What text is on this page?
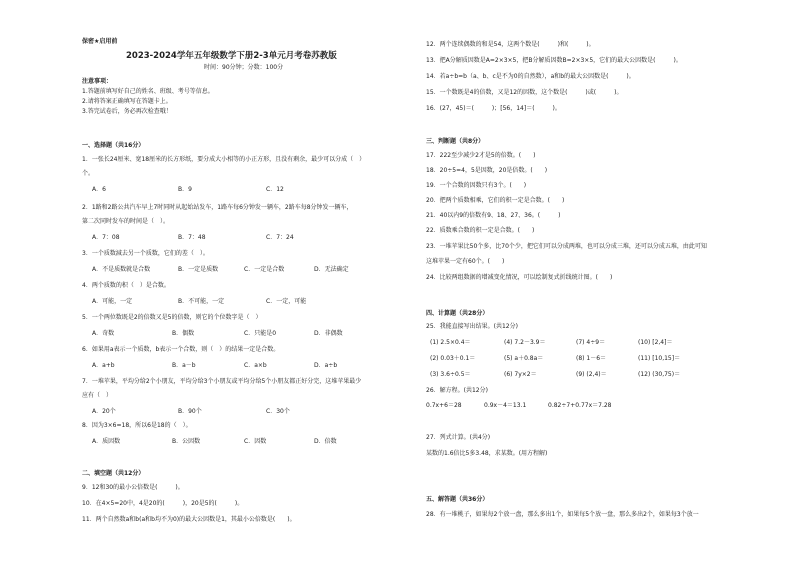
保密★启用前
2023-2024学年五年级数学下册2-3单元月考卷苏教版
时间：90分钟；分数：100分
注意事项：
1.答题前填写好自己的姓名、班级、考号等信息。
2.请将答案正确填写在答题卡上。
3.答完试卷后，务必再次检查哦！
一、选择题（共16分）
1．一张长24厘米、宽18厘米的长方形纸，要分成大小相等的小正方形，且没有剩余，最少可以分成（　）
个。
A．6	B．9	C．12
2．1路和2路公共汽车早上7时同时从起始站发车，1路车每6分钟发一辆车，2路车每8分钟发一辆车，
第二次同时发车的时间是（　）。
A．7：08	B．7：48	C．7：24
3．一个质数減去另一个质数，它们的差（　）。
A．不是质数就是合数	B．一定是质数	C．一定是合数	D．无法确定
4．两个质数的积（　）是合数。
A．可能，一定	B．不可能，一定	C．一定，可能
5．一个两位数既是2的倍数又是5的倍数，则它的个位数字是（　）
A．奇数	B．偶数	C．只能是0	D．非偶数
6．如果用a表示一个质数，b表示一个合数，则（　）的结果一定是合数。
A．a+b	B．a－b	C．a×b	D．a÷b
7．一堆苹果，平均分给2个小朋友，平均分给3个小朋友或平均分给5个小朋友都正好分完，这堆苹果最少
应有（　）
A．20个	B．90个	C．30个
8．因为3×6=18，所以6是18的（　）。
A．质因数	B．公因数	C．因数	D．倍数
二、填空题（共12分）
9．12和30的最小公倍数是(　　　)。
10．在4×5=20中，4是20的(　　　)，20是5的(　　　)。
11．两个自然数a和b(a和b均不为0)的最大公因数是1，其最小公倍数是(　　)。
12．两个连续偶数的和是54，这两个数是(　　　)和(　　　)。
13．把A分解质因数是A=2×3×5，把B分解质因数B=2×3×5，它们的最大公因数是(　　　)。
14．若a÷b=b（a、b、c是不为0的自然数），a和b的最大公因数是(　　　)。
15．一个数既是4的倍数，又是12的因数，这个数是(　　　)或(　　　)。
16．(27，45)＝(　　　)；[56，14]＝(　　　)。
三、判断题（共8分）
17．222至少减少2才是5的倍数。(　　)
18．20÷5=4，5是因数，20是倍数。(　　)
19．一个合数的因数只有3个。(　　)
20．把两个质数相乘，它们的积一定是合数。(　　)
21．40以内9的倍数有9、18、27、36。(　　　)
22．质数乘合数的积一定是合数。(　　)
23．一堆苹果比50个多，比70个少，把它们可以分成两堆，也可以分成三堆，还可以分成五堆，由此可知
这堆苹果一定有60个。(　　)
24．比较两组数据的增减变化情况，可以绘制复式折线统计图。(　　)
四、计算题（共28分）
25．我能直接写出结果。(共12分)
(1) 2.5×0.4＝	(4) 7.2－3.9＝	(7) 4÷9＝	(10) [2,4]＝
(2) 0.03＋0.1＝	(5) a＋0.8a＝	(8) 1－6＝	(11) [10,15]＝
(3) 3.6÷0.5＝	(6) 7y×2＝	(9) (2,4)＝	(12) (30,75)＝
26．解方程。(共12分)
0.7x+6＝28	0.9x－4＝13.1	0.82÷7+0.77x＝7.28
27．列式计算。(共4分)
某数的1.6倍比5多3.48，求某数。(用方程解)
五、解答题（共36分）
28．有一堆桃子，如果每2个放一盘，那么多出1个，如果每5个放一盘，那么多出2个，如果每3个放一
